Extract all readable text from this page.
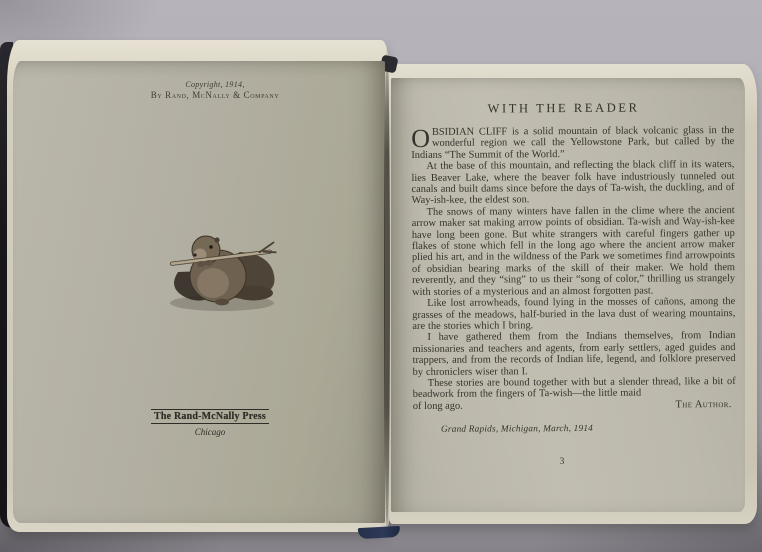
Copyright, 1914,
By Rand, McNally & Company
The Rand-McNally Press
Chicago
WITH THE READER

OBSIDIAN CLIFF is a solid mountain of black volcanic glass in the wonderful region we call the Yellowstone Park, but called by the Indians “The Summit of the World.”

At the base of this mountain, and reflecting the black cliff in its waters, lies Beaver Lake, where the beaver folk have industriously tunneled out canals and built dams since before the days of Ta-wish, the duckling, and of Way-ish-kee, the eldest son.

The snows of many winters have fallen in the clime where the ancient arrow maker sat making arrow points of obsidian. Ta-wish and Way-ish-kee have long been gone. But white strangers with careful fingers gather up flakes of stone which fell in the long ago where the ancient arrow maker plied his art, and in the wildness of the Park we sometimes find arrowpoints of obsidian bearing marks of the skill of their maker. We hold them reverently, and they “sing” to us their “song of color,” thrilling us strangely with stories of a mysterious and an almost forgotten past.

Like lost arrowheads, found lying in the mosses of cañons, among the grasses of the meadows, half-buried in the lava dust of wearing mountains, are the stories which I bring.

I have gathered them from the Indians themselves, from Indian missionaries and teachers and agents, from early settlers, aged guides and trappers, and from the records of Indian life, legend, and folklore preserved by chroniclers wiser than I.

These stories are bound together with but a slender thread, like a bit of beadwork from the fingers of Ta-wish—the little maid

of long ago.	The Author.
Grand Rapids, Michigan, March, 1914
3
